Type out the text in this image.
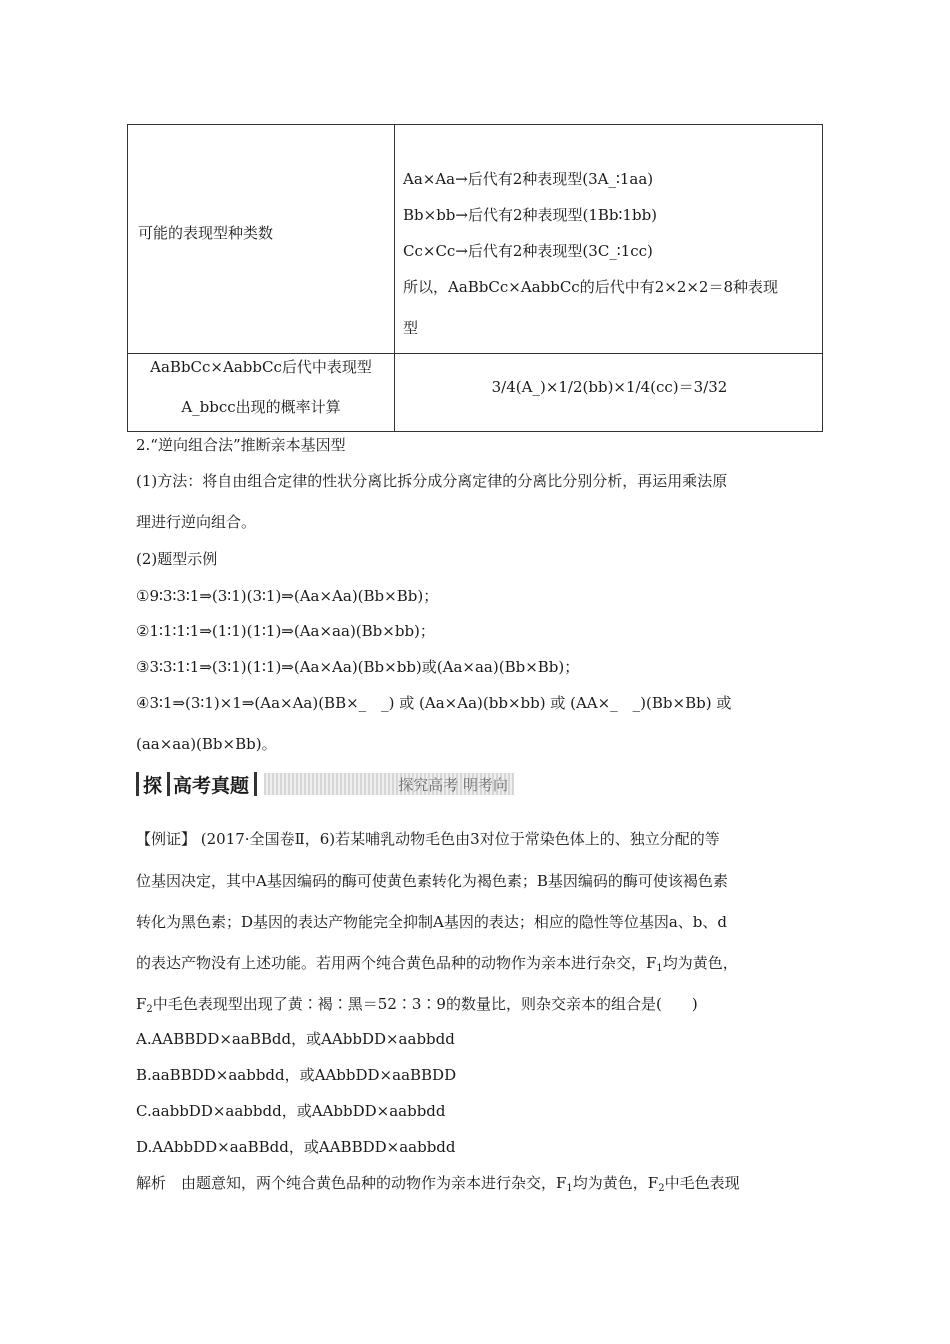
可能的表现型种类数
Aa×Aa→后代有2种表现型(3A_∶1aa)
Bb×bb→后代有2种表现型(1Bb∶1bb)
Cc×Cc→后代有2种表现型(3C_∶1cc)
所以，AaBbCc×AabbCc的后代中有2×2×2＝8种表现
型
AaBbCc×AabbCc后代中表现型
A_bbcc出现的概率计算
3/4(A_)×1/2(bb)×1/4(cc)＝3/32
2.“逆向组合法”推断亲本基因型
(1)方法：将自由组合定律的性状分离比拆分成分离定律的分离比分别分析，再运用乘法原
理进行逆向组合。
(2)题型示例
①9∶3∶3∶1⇒(3∶1)(3∶1)⇒(Aa×Aa)(Bb×Bb)；
②1∶1∶1∶1⇒(1∶1)(1∶1)⇒(Aa×aa)(Bb×bb)；
③3∶3∶1∶1⇒(3∶1)(1∶1)⇒(Aa×Aa)(Bb×bb)或(Aa×aa)(Bb×Bb)；
④3∶1⇒(3∶1)×1⇒(Aa×Aa)(BB×_　_) 或 (Aa×Aa)(bb×bb) 或 (AA×_　_)(Bb×Bb) 或
(aa×aa)(Bb×Bb)。
探 高考真题	探究高考 明考向
【例证】 (2017·全国卷Ⅱ，6)若某哺乳动物毛色由3对位于常染色体上的、独立分配的等
位基因决定，其中A基因编码的酶可使黄色素转化为褐色素；B基因编码的酶可使该褐色素
转化为黑色素；D基因的表达产物能完全抑制A基因的表达；相应的隐性等位基因a、b、d
的表达产物没有上述功能。若用两个纯合黄色品种的动物作为亲本进行杂交，$F_1$均为黄色，
$F_2$中毛色表现型出现了黄∶褐∶黑＝52∶3∶9的数量比，则杂交亲本的组合是(　　)
A.AABBDD×aaBBdd，或AAbbDD×aabbdd
B.aaBBDD×aabbdd，或AAbbDD×aaBBDD
C.aabbDD×aabbdd，或AAbbDD×aabbdd
D.AAbbDD×aaBBdd，或AABBDD×aabbdd
解析　由题意知，两个纯合黄色品种的动物作为亲本进行杂交，$F_1$均为黄色，$F_2$中毛色表现
